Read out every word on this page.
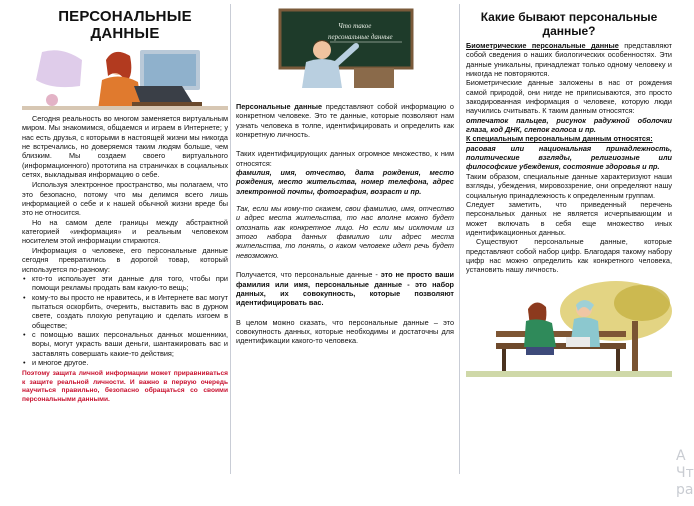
ПЕРСОНАЛЬНЫЕ ДАННЫЕ

Сегодня реальность во многом заменяется виртуальным миром. Мы знакомимся, общаемся и играем в Интернете; у нас есть друзья, с которыми в настоящей жизни мы никогда не встречались, но доверяемся таким людям больше, чем близким. Мы создаем своего виртуального (информационного) прототипа на страничках в социальных сетях, выкладывая информацию о себе.

Используя электронное пространство, мы полагаем, что это безопасно, потому что мы делимся всего лишь информацией о себе и к нашей обычной жизни вреде бы это не относится.

Но на самом деле границы между абстрактной категорией «информация» и реальным человеком носителем этой информации стираются.

Информация о человеке, его персональные данные сегодня превратились в дорогой товар, который используется по-разному:

• кто-то использует эти данные для того, чтобы при помощи рекламы продать вам какую-то вещь;
• кому-то вы просто не нравитесь, и в Интернете вас могут пытаться оскорбить, очернить, выставить вас в дурном свете, создать плохую репутацию и сделать изгоем в обществе;
• с помощью ваших персональных данных мошенники, воры, могут украсть ваши деньги, шантажировать вас и заставлять совершать какие-то действия;
• и многое другое.

Поэтому защита личной информации может приравниваться к защите реальной личности. И важно в первую очередь научиться правильно, безопасно обращаться со своими персональными данными.

Что такое
персональные данные

Персональные данные представляют собой информацию о конкретном человеке. Это те данные, которые позволяют нам узнать человека в толпе, идентифицировать и определить как конкретную личность.

Таких идентифицирующих данных огромное множество, к ним относятся:

фамилия, имя, отчество, дата рождения, место рождения, место жительства, номер телефона, адрес электронной почты, фотография, возраст и пр.

Так, если мы кому-то скажем, свои фамилию, имя, отчество и адрес места жительства, то нас вполне можно будет опознать как конкретное лицо. Но если мы исключим из этого набора данных фамилию или адрес места жительства, то понять, о каком человеке идет речь будет невозможно.

Получается, что персональные данные - это не просто ваши фамилия или имя, персональные данные - это набор данных, их совокупность, которые позволяют идентифицировать вас.

В целом можно сказать, что персональные данные – это совокупность данных, которые необходимы и достаточны для идентификации какого-то человека.

Какие бывают персональные данные?

Биометрические персональные данные представляют собой сведения о наших биологических особенностях. Эти данные уникальны, принадлежат только одному человеку и никогда не повторяются.

Биометрические данные заложены в нас от рождения самой природой, они нигде не приписываются, это просто закодированная информация о человеке, которую люди научились считывать. К таким данным относятся:

отпечаток пальцев, рисунок радужной оболочки глаза, код ДНК, слепок голоса и пр.

К специальным персональным данным относятся:

расовая или национальная принадлежность, политические взгляды, религиозные или философские убеждения, состояние здоровья и пр.

Таким образом, специальные данные характеризуют наши взгляды, убеждения, мировоззрение, они определяют нашу социальную принадлежность к определенным группам.

Следует заметить, что приведенный перечень персональных данных не является исчерпывающим и может включать в себя еще множество иных идентификационных данных.

Существуют персональные данные, которые представляют собой набор цифр. Благодаря такому набору цифр нас можно определить как конкретного человека, установить нашу личность.

А
Чт
ра
